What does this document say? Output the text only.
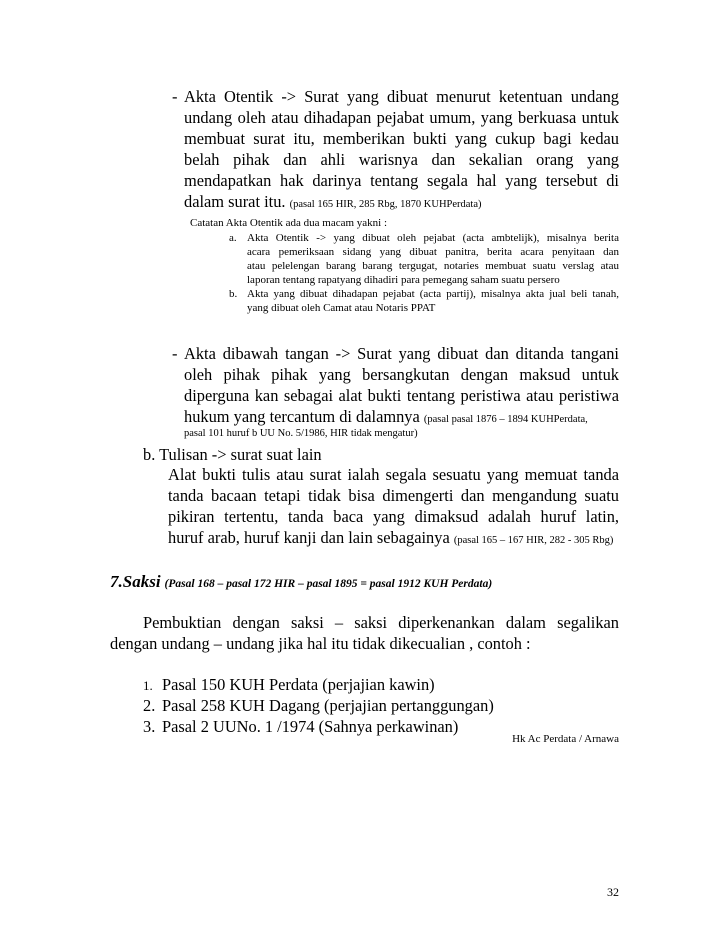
- Akta Otentik -> Surat yang dibuat menurut ketentuan undang
undang oleh atau dihadapan pejabat umum, yang berkuasa untuk
membuat surat itu, memberikan bukti yang cukup bagi kedau
belah pihak dan ahli warisnya dan sekalian orang yang
mendapatkan hak darinya tentang segala hal yang tersebut di
dalam surat itu. (pasal 165 HIR, 285 Rbg, 1870 KUHPerdata)
Catatan Akta Otentik ada dua macam yakni :
a. Akta Otentik -> yang dibuat oleh pejabat (acta ambtelijk), misalnya berita
acara pemeriksaan sidang yang dibuat panitra, berita acara penyitaan dan
atau pelelengan barang barang tergugat, notaries membuat suatu verslag atau
laporan tentang rapatyang dihadiri para pemegang saham suatu persero
b. Akta yang dibuat dihadapan pejabat (acta partij), misalnya akta jual beli tanah,
yang dibuat oleh Camat atau Notaris PPAT
- Akta dibawah tangan -> Surat yang dibuat dan ditanda tangani
oleh pihak pihak yang bersangkutan dengan maksud untuk
diperguna kan sebagai alat bukti tentang peristiwa atau peristiwa
hukum yang tercantum di dalamnya (pasal pasal 1876 – 1894 KUHPerdata,
pasal 101 huruf b UU No. 5/1986, HIR tidak mengatur)
b. Tulisan -> surat suat lain
Alat bukti tulis atau surat ialah segala sesuatu yang memuat tanda
tanda bacaan tetapi tidak bisa dimengerti dan mengandung suatu
pikiran tertentu, tanda baca yang dimaksud adalah huruf latin,
huruf arab, huruf kanji dan lain sebagainya (pasal 165 – 167 HIR, 282 - 305 Rbg)
7.Saksi (Pasal 168 – pasal 172 HIR – pasal 1895 = pasal 1912 KUH Perdata)
Pembuktian dengan saksi – saksi diperkenankan dalam segalikan
dengan undang – undang jika hal itu tidak dikecualian , contoh :
1. Pasal 150 KUH Perdata (perjajian kawin)
2. Pasal 258 KUH Dagang (perjajian pertanggungan)
3. Pasal 2 UUNo. 1 /1974 (Sahnya perkawinan)
Hk Ac Perdata / Arnawa
32
